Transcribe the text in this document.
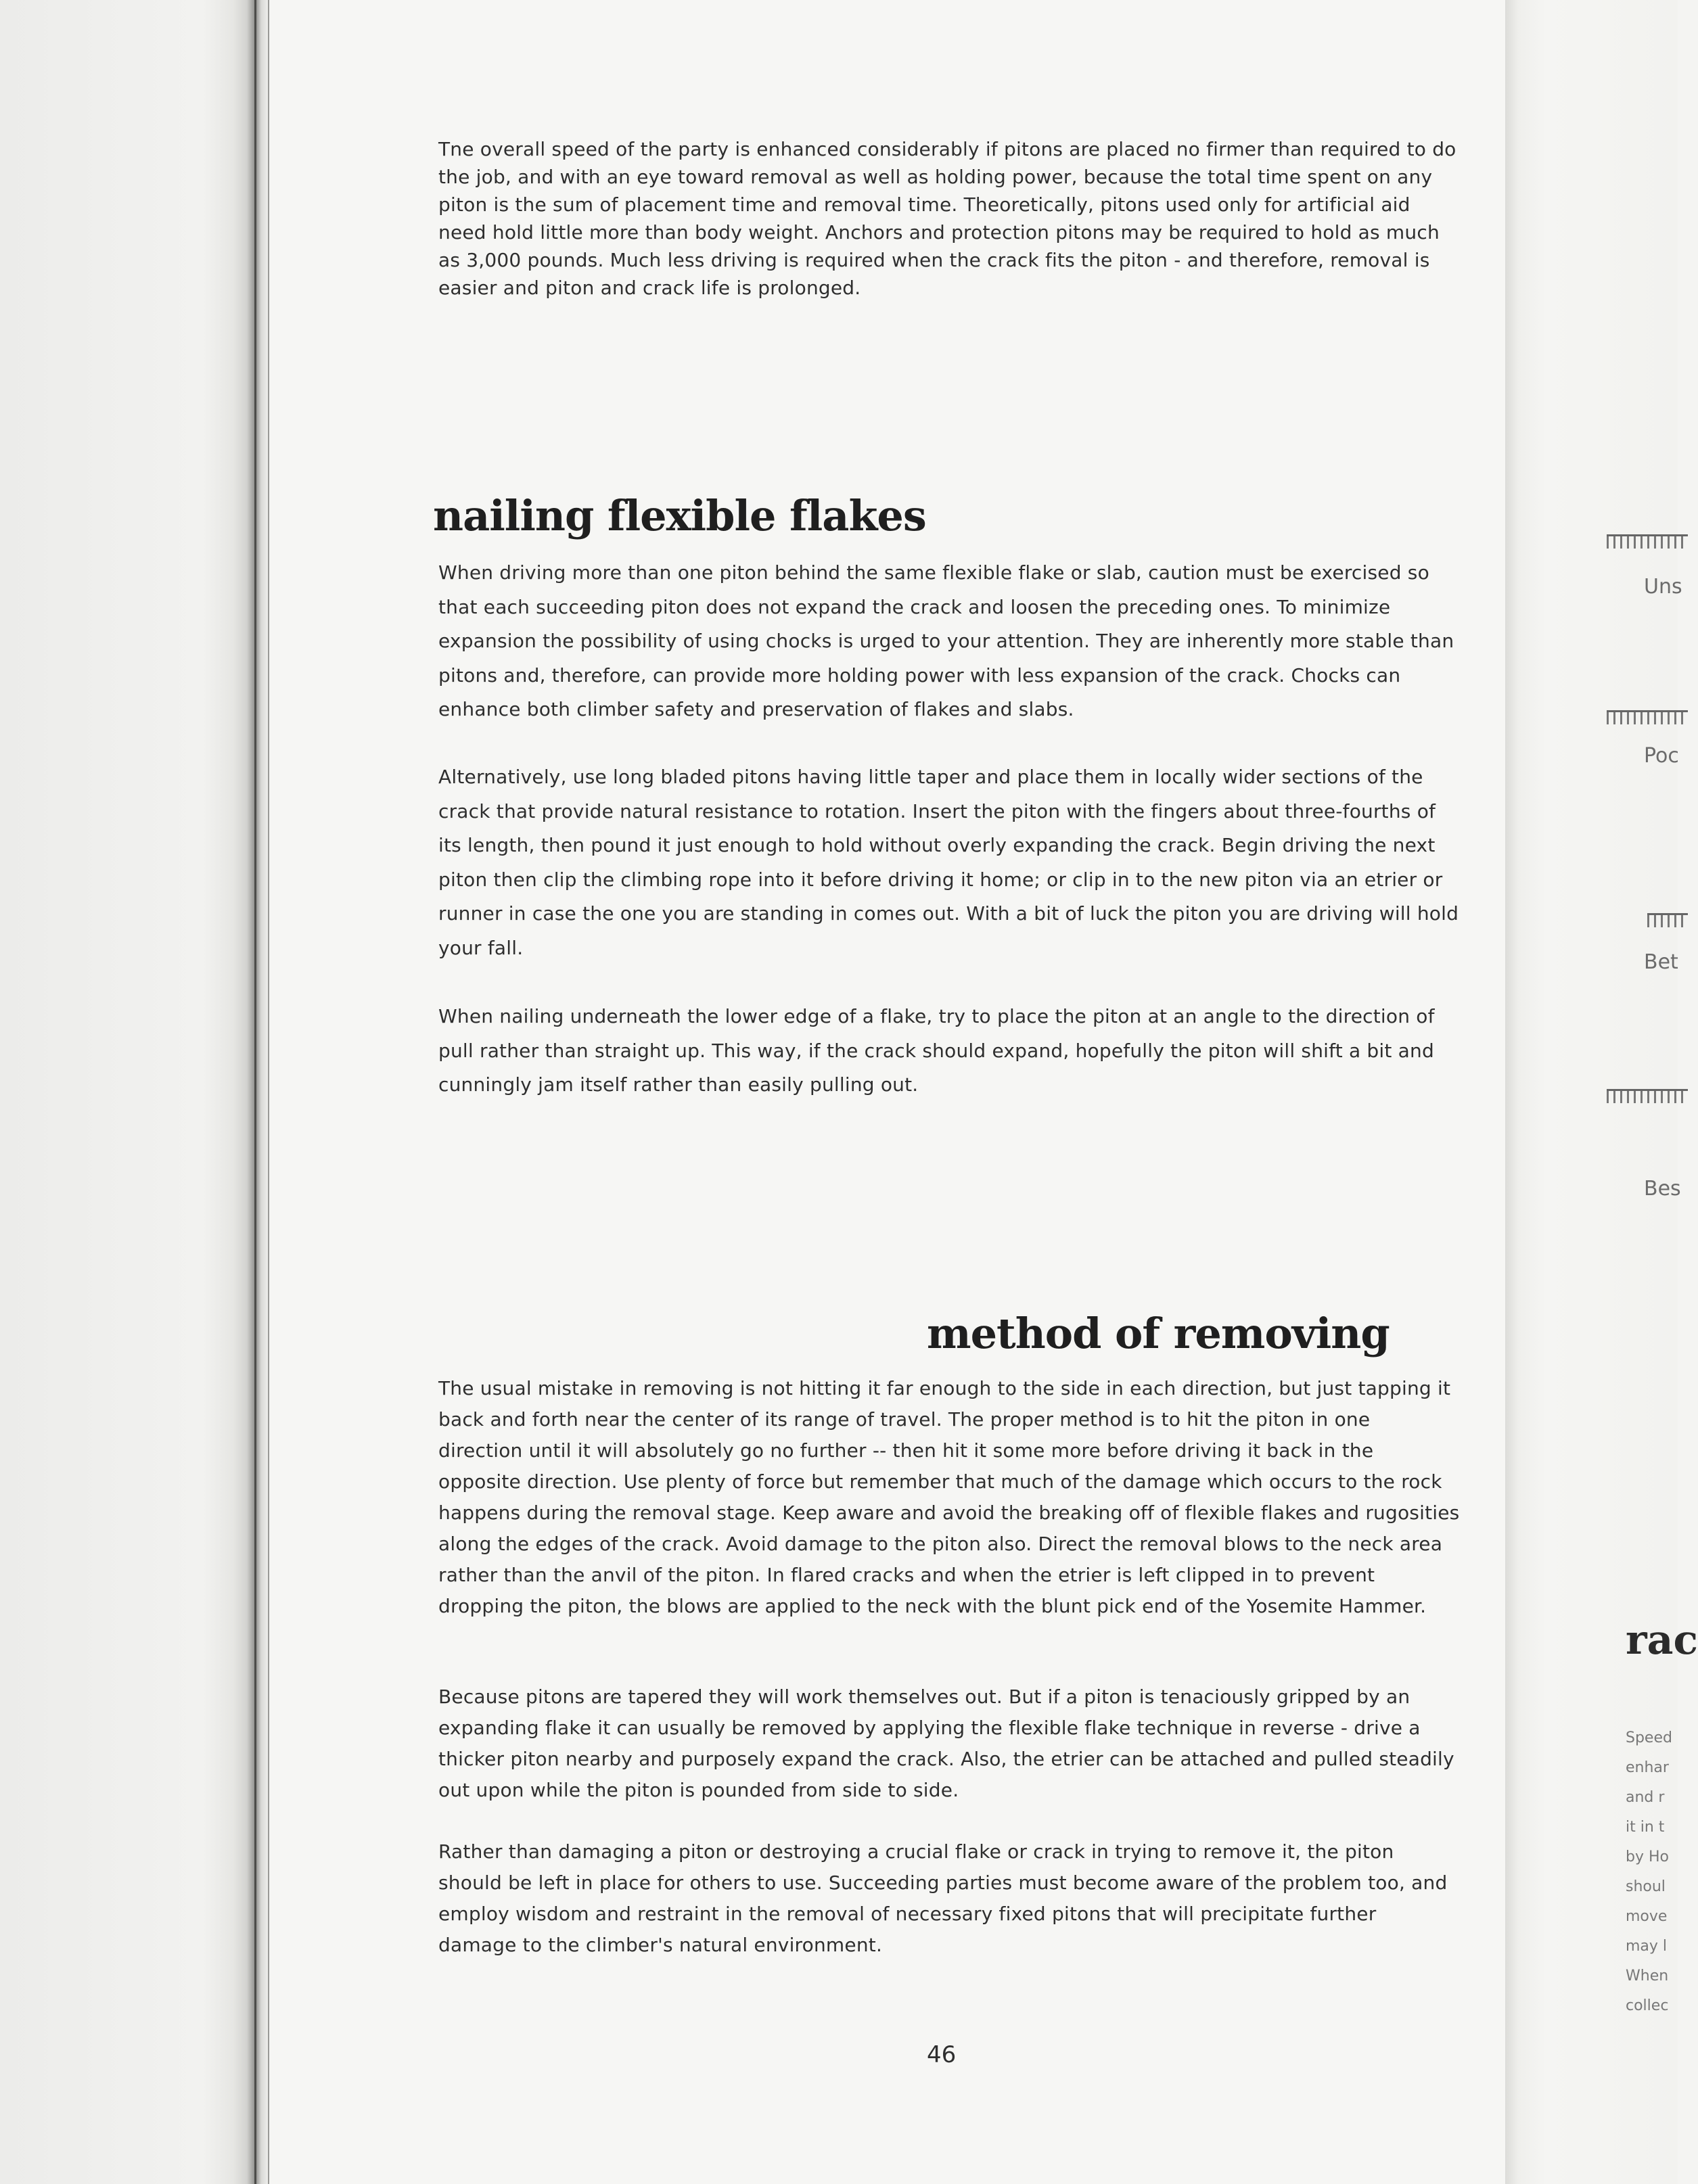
Uns
Poc
Bet
Bes
rac
Speed
enhar
and r
it in t
by Ho
shoul
move
may l
When
collec

Tne overall speed of the party is enhanced considerably if pitons are placed no firmer than required to do the job, and with an eye toward removal as well as holding power, because the total time spent on any piton is the sum of placement time and removal time. Theoretically, pitons used only for artificial aid need hold little more than body weight. Anchors and protection pitons may be required to hold as much as 3,000 pounds. Much less driving is required when the crack fits the piton - and therefore, removal is easier and piton and crack life is prolonged.

nailing flexible flakes

When driving more than one piton behind the same flexible flake or slab, caution must be exercised so that each succeeding piton does not expand the crack and loosen the preceding ones. To minimize expansion the possibility of using chocks is urged to your attention. They are inherently more stable than pitons and, therefore, can provide more holding power with less expansion of the crack. Chocks can enhance both climber safety and preservation of flakes and slabs.

Alternatively, use long bladed pitons having little taper and place them in locally wider sections of the crack that provide natural resistance to rotation. Insert the piton with the fingers about three-fourths of its length, then pound it just enough to hold without overly expanding the crack. Begin driving the next piton then clip the climbing rope into it before driving it home; or clip in to the new piton via an etrier or runner in case the one you are standing in comes out. With a bit of luck the piton you are driving will hold your fall.

When nailing underneath the lower edge of a flake, try to place the piton at an angle to the direction of pull rather than straight up. This way, if the crack should expand, hopefully the piton will shift a bit and cunningly jam itself rather than easily pulling out.

method of removing

The usual mistake in removing is not hitting it far enough to the side in each direction, but just tapping it back and forth near the center of its range of travel. The proper method is to hit the piton in one direction until it will absolutely go no further -- then hit it some more before driving it back in the opposite direction. Use plenty of force but remember that much of the damage which occurs to the rock happens during the removal stage. Keep aware and avoid the breaking off of flexible flakes and rugosities along the edges of the crack. Avoid damage to the piton also. Direct the removal blows to the neck area rather than the anvil of the piton. In flared cracks and when the etrier is left clipped in to prevent dropping the piton, the blows are applied to the neck with the blunt pick end of the Yosemite Hammer.

Because pitons are tapered they will work themselves out. But if a piton is tenaciously gripped by an expanding flake it can usually be removed by applying the flexible flake technique in reverse - drive a thicker piton nearby and purposely expand the crack. Also, the etrier can be attached and pulled steadily out upon while the piton is pounded from side to side.

Rather than damaging a piton or destroying a crucial flake or crack in trying to remove it, the piton should be left in place for others to use. Succeeding parties must become aware of the problem too, and employ wisdom and restraint in the removal of necessary fixed pitons that will precipitate further damage to the climber's natural environment.

46
